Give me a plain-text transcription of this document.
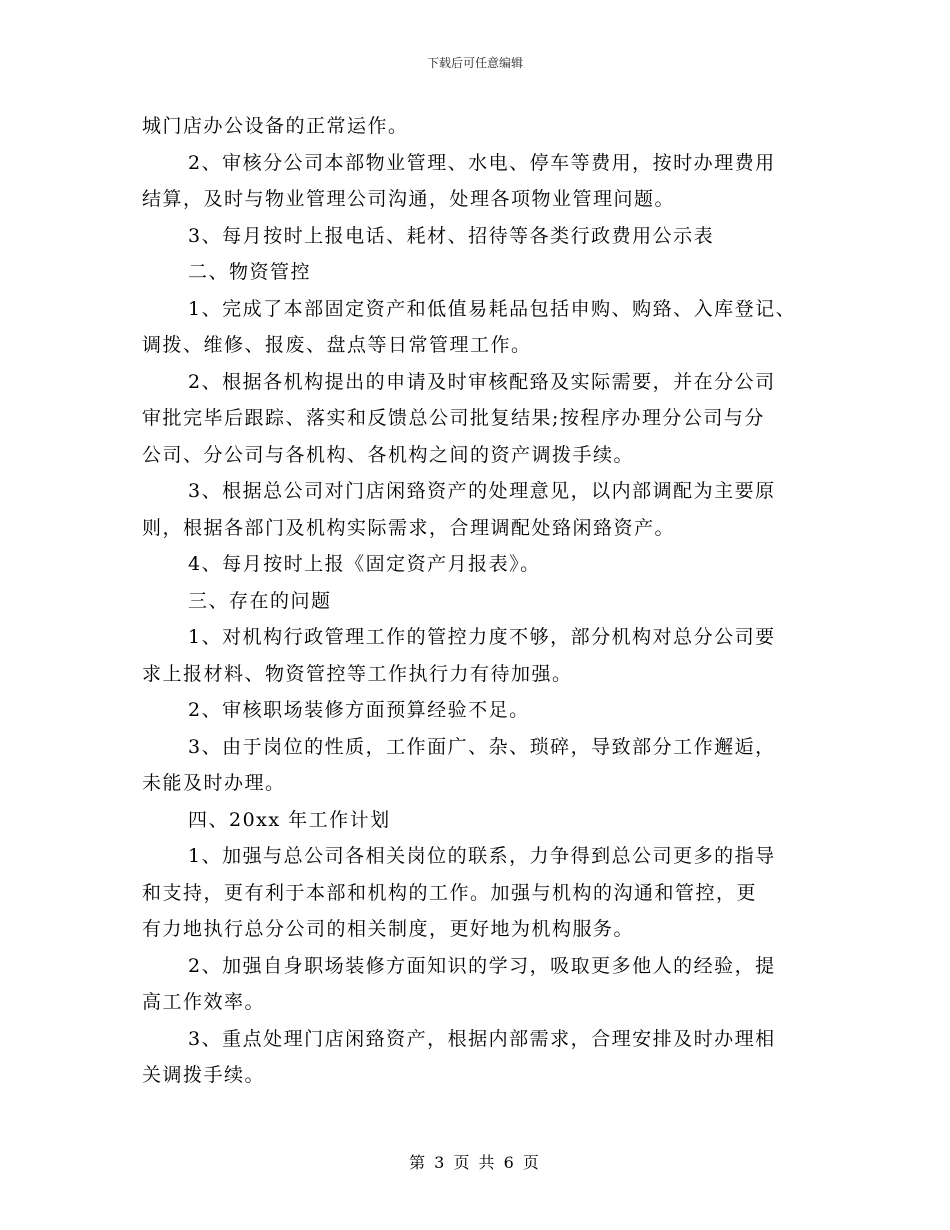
下载后可任意编辑
城门店办公设备的正常运作。
2、审核分公司本部物业管理、水电、停车等费用，按时办理费用
结算，及时与物业管理公司沟通，处理各项物业管理问题。
3、每月按时上报电话、耗材、招待等各类行政费用公示表
二、物资管控
1、完成了本部固定资产和低值易耗品包括申购、购臵、入库登记、
调拨、维修、报废、盘点等日常管理工作。
2、根据各机构提出的申请及时审核配臵及实际需要，并在分公司
审批完毕后跟踪、落实和反馈总公司批复结果;按程序办理分公司与分
公司、分公司与各机构、各机构之间的资产调拨手续。
3、根据总公司对门店闲臵资产的处理意见，以内部调配为主要原
则，根据各部门及机构实际需求，合理调配处臵闲臵资产。
4、每月按时上报《固定资产月报表》。
三、存在的问题
1、对机构行政管理工作的管控力度不够，部分机构对总分公司要
求上报材料、物资管控等工作执行力有待加强。
2、审核职场装修方面预算经验不足。
3、由于岗位的性质，工作面广、杂、琐碎，导致部分工作邂逅，
未能及时办理。
四、20xx 年工作计划
1、加强与总公司各相关岗位的联系，力争得到总公司更多的指导
和支持，更有利于本部和机构的工作。加强与机构的沟通和管控，更
有力地执行总分公司的相关制度，更好地为机构服务。
2、加强自身职场装修方面知识的学习，吸取更多他人的经验，提
高工作效率。
3、重点处理门店闲臵资产，根据内部需求，合理安排及时办理相
关调拨手续。
第 3 页 共 6 页
